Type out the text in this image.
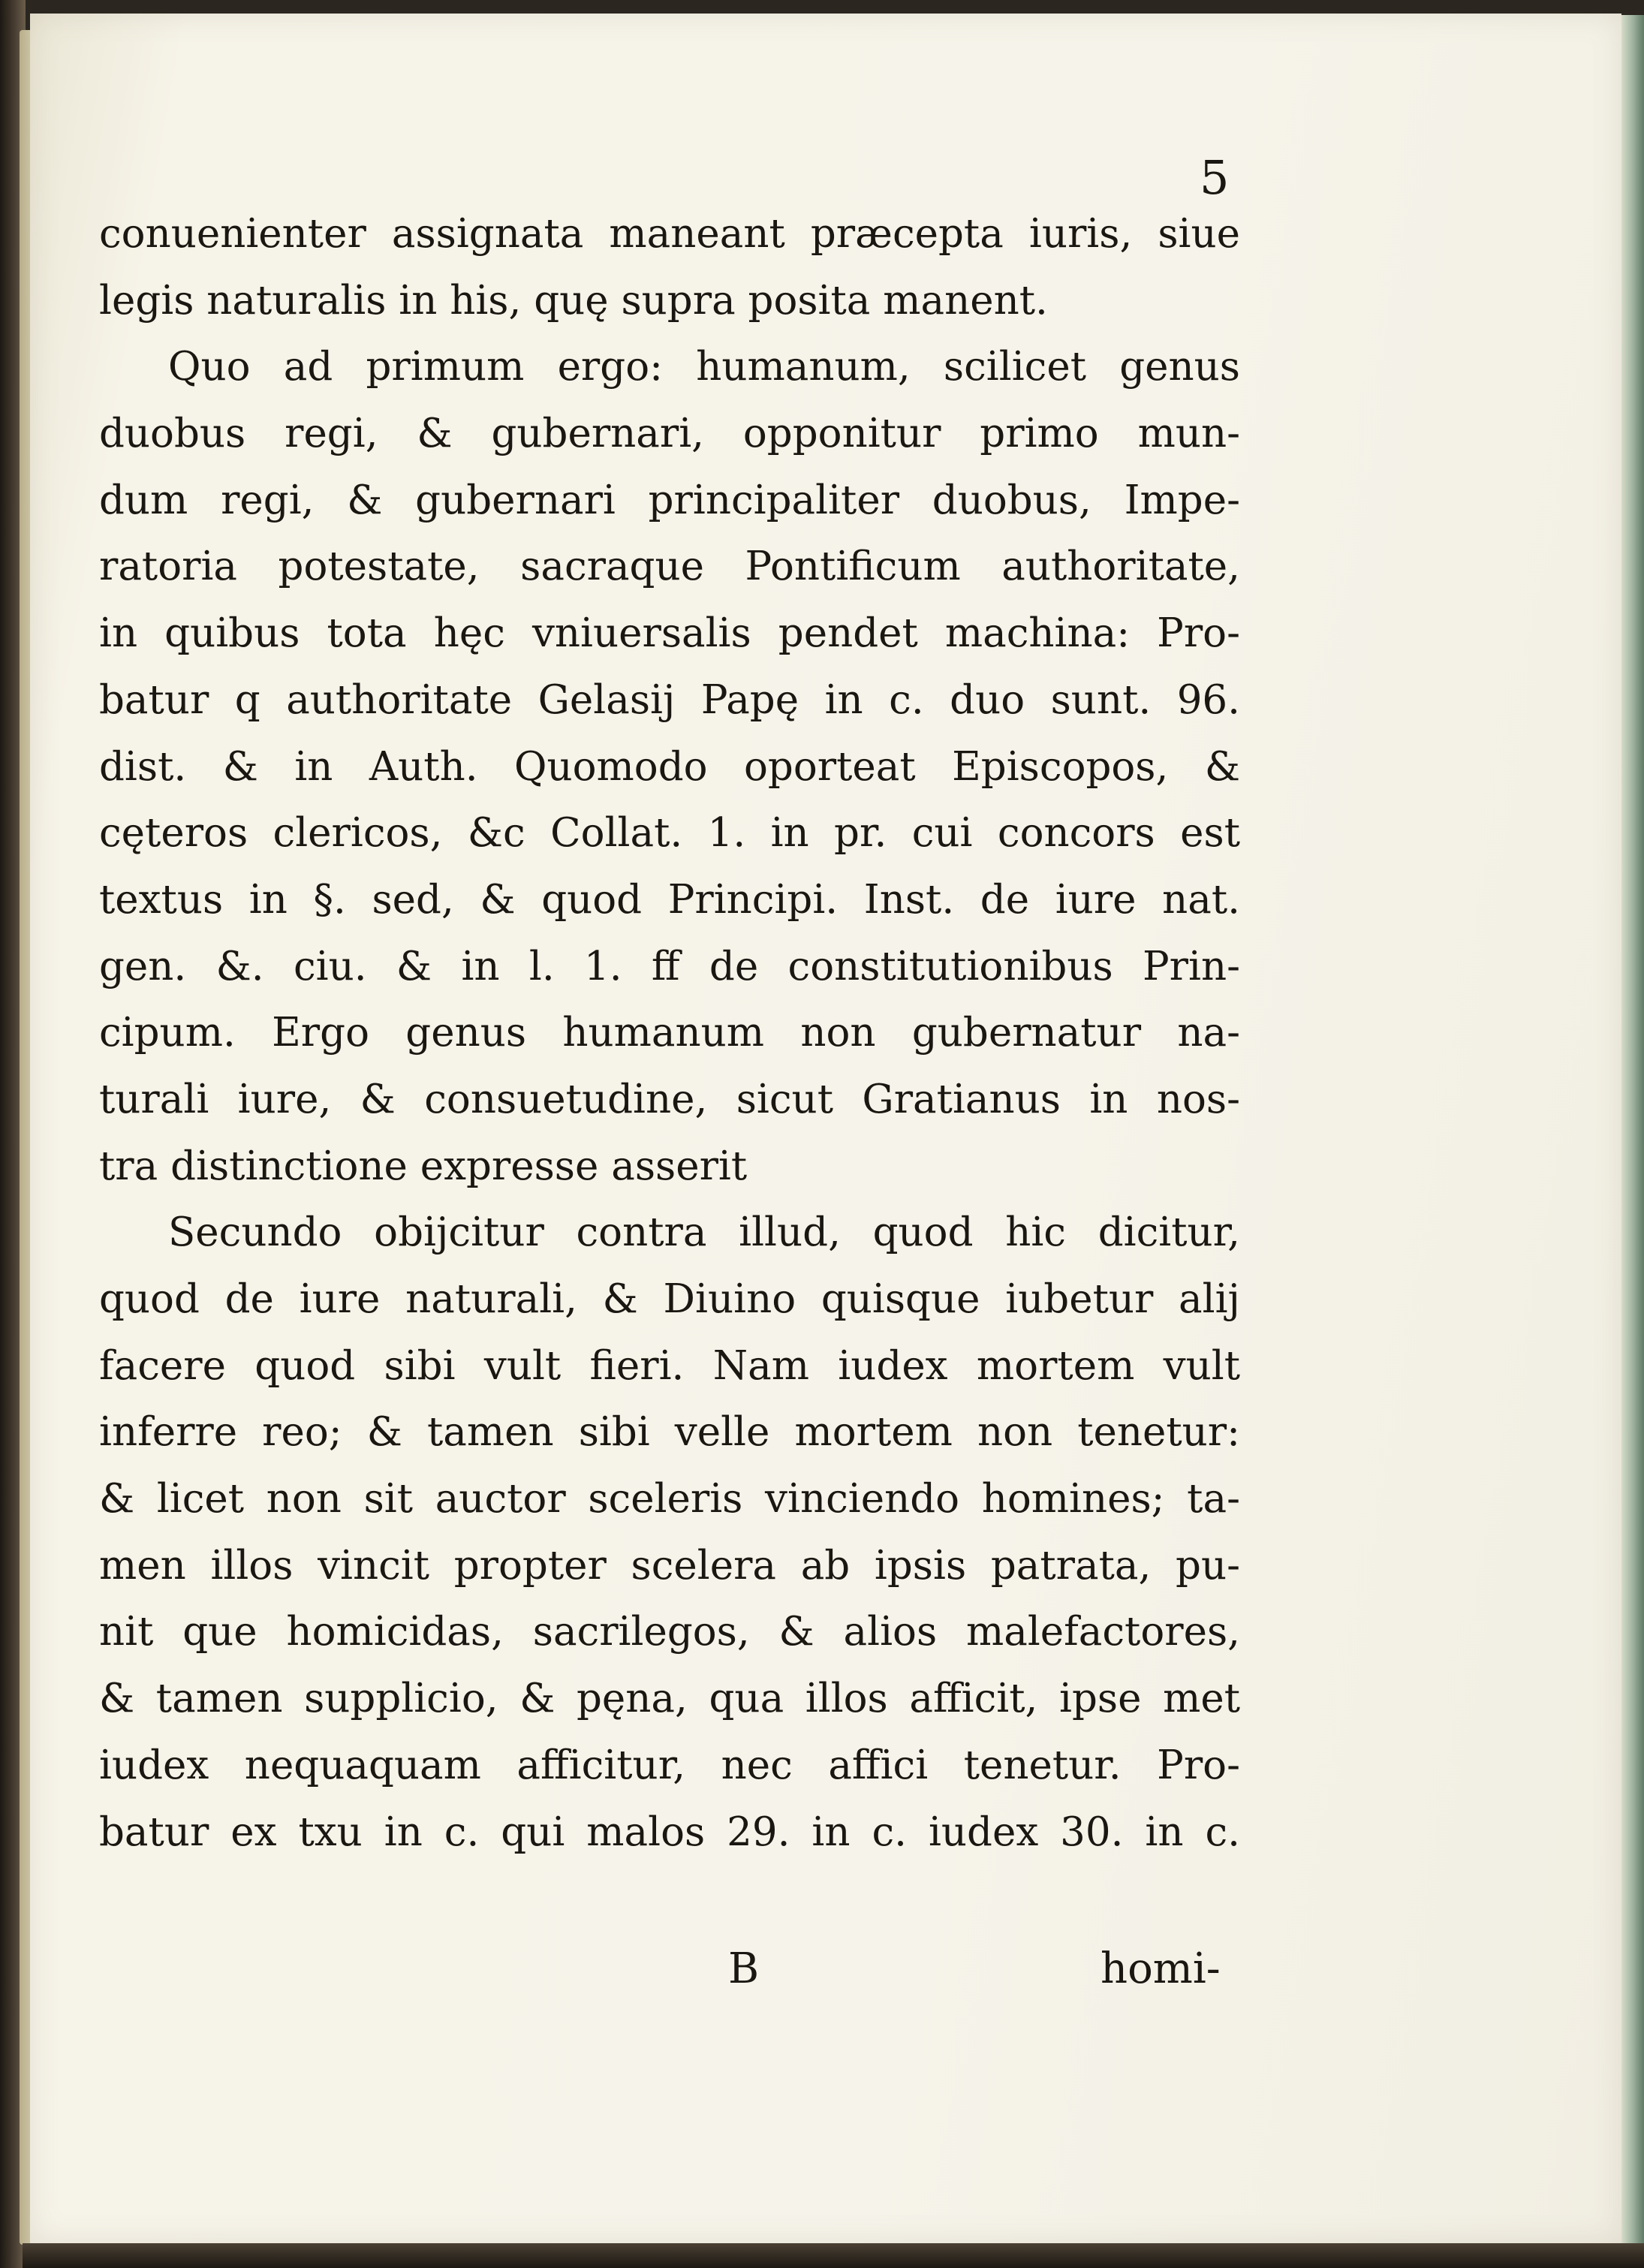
5
conuenienter assignata maneant præcepta iuris, siue
legis naturalis in his, quę supra posita manent.
Quo ad primum ergo: humanum, scilicet genus
duobus regi, & gubernari, opponitur primo mun-
dum regi, & gubernari principaliter duobus, Impe-
ratoria potestate, sacraque Pontificum authoritate,
in quibus tota hęc vniuersalis pendet machina: Pro-
batur q authoritate Gelasij Papę in c. duo sunt. 96.
dist. & in Auth. Quomodo oporteat Episcopos, &
cęteros clericos, &c Collat. 1. in pr. cui concors est
textus in §. sed, & quod Principi. Inst. de iure nat.
gen. &. ciu. & in l. 1. ff de constitutionibus Prin-
cipum. Ergo genus humanum non gubernatur na-
turali iure, & consuetudine, sicut Gratianus in nos-
tra distinctione expresse asserit
Secundo obijcitur contra illud, quod hic dicitur,
quod de iure naturali, & Diuino quisque iubetur alij
facere quod sibi vult fieri. Nam iudex mortem vult
inferre reo; & tamen sibi velle mortem non tenetur:
& licet non sit auctor sceleris vinciendo homines; ta-
men illos vincit propter scelera ab ipsis patrata, pu-
nit que homicidas, sacrilegos, & alios malefactores,
& tamen supplicio, & pęna, qua illos afficit, ipse met
iudex nequaquam afficitur, nec affici tenetur. Pro-
batur ex txu in c. qui malos 29. in c. iudex 30. in c.
B	homi-
